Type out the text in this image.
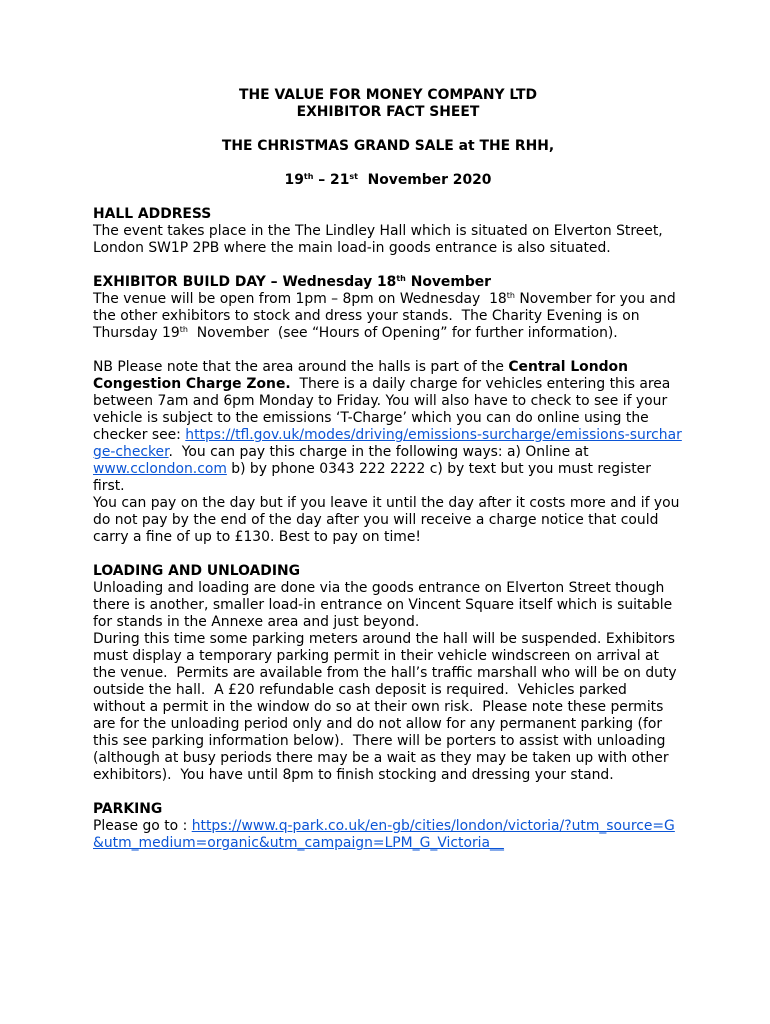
THE VALUE FOR MONEY COMPANY LTD
EXHIBITOR FACT SHEET
THE CHRISTMAS GRAND SALE at THE RHH,
19th – 21st  November 2020
HALL ADDRESS

The event takes place in the The Lindley Hall which is situated on Elverton Street, London SW1P 2PB where the main load-in goods entrance is also situated.

EXHIBITOR BUILD DAY – Wednesday 18th November

The venue will be open from 1pm – 8pm on Wednesday  18th November for you and the other exhibitors to stock and dress your stands.  The Charity Evening is on Thursday 19th  November  (see “Hours of Opening” for further information).

NB Please note that the area around the halls is part of the Central London Congestion Charge Zone.  There is a daily charge for vehicles entering this area between 7am and 6pm Monday to Friday. You will also have to check to see if your vehicle is subject to the emissions ‘T-Charge’ which you can do online using the checker see: https://tfl.gov.uk/modes/driving/emissions-surcharge/emissions-surcharge-checker.  You can pay this charge in the following ways: a) Online at www.cclondon.com b) by phone 0343 222 2222 c) by text but you must register first.

You can pay on the day but if you leave it until the day after it costs more and if you do not pay by the end of the day after you will receive a charge notice that could carry a fine of up to £130. Best to pay on time!

LOADING AND UNLOADING

Unloading and loading are done via the goods entrance on Elverton Street though there is another, smaller load-in entrance on Vincent Square itself which is suitable for stands in the Annexe area and just beyond.

During this time some parking meters around the hall will be suspended. Exhibitors must display a temporary parking permit in their vehicle windscreen on arrival at the venue.  Permits are available from the hall’s traffic marshall who will be on duty outside the hall.  A £20 refundable cash deposit is required.  Vehicles parked without a permit in the window do so at their own risk.  Please note these permits are for the unloading period only and do not allow for any permanent parking (for this see parking information below).  There will be porters to assist with unloading (although at busy periods there may be a wait as they may be taken up with other exhibitors).  You have until 8pm to finish stocking and dressing your stand.

PARKING

Please go to : https://www.q-park.co.uk/en-gb/cities/london/victoria/?utm_source=G&utm_medium=organic&utm_campaign=LPM_G_Victoria__
